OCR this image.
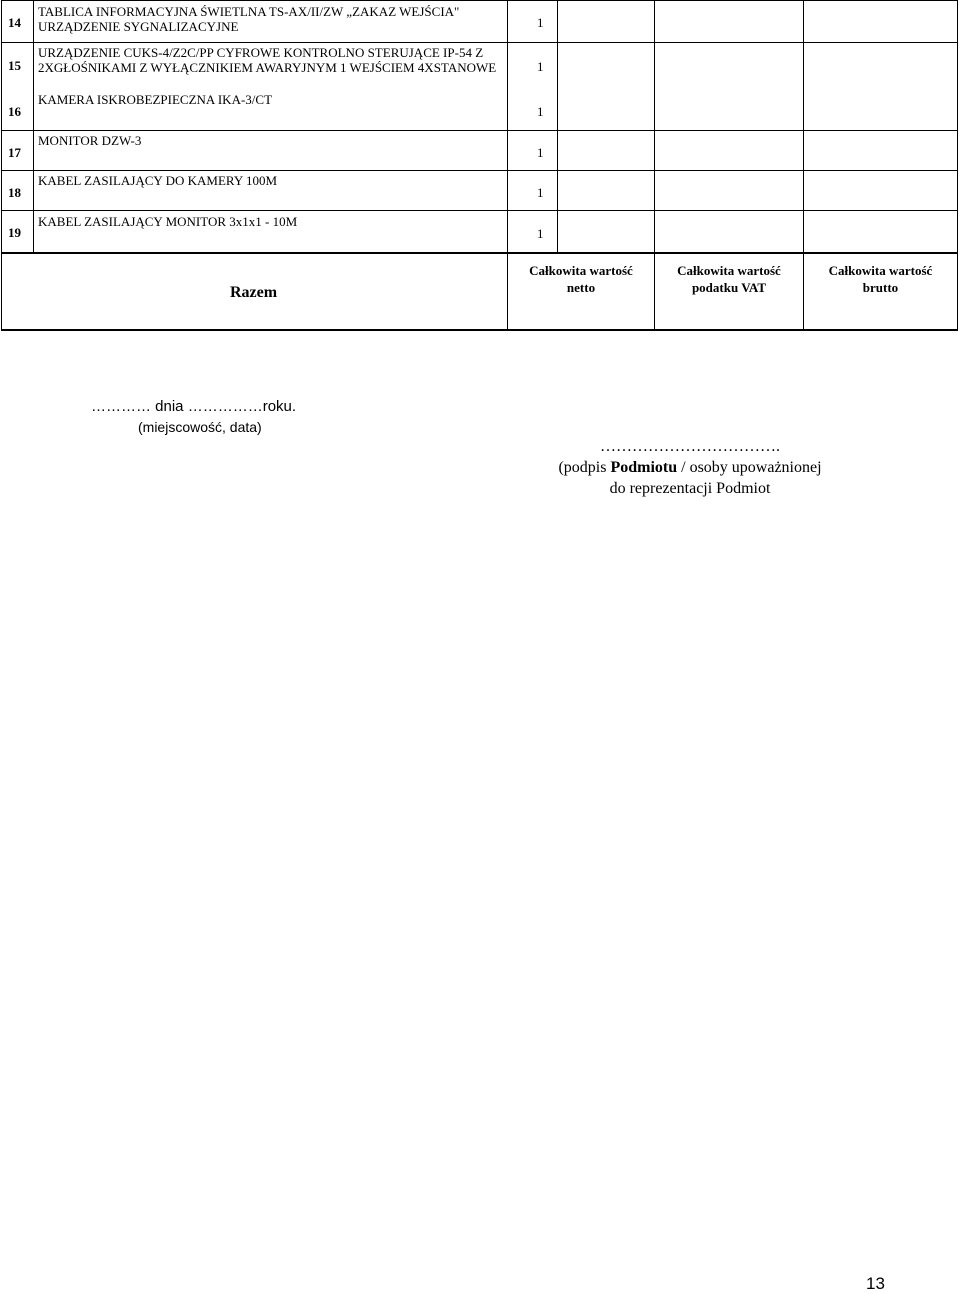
14
TABLICA INFORMACYJNA ŚWIETLNA TS-AX/II/ZW „ZAKAZ WEJŚCIA" URZĄDZENIE SYGNALIZACYJNE	1
15
URZĄDZENIE CUKS-4/Z2C/PP CYFROWE KONTROLNO STERUJĄCE IP-54 Z 2XGŁOŚNIKAMI Z WYŁĄCZNIKIEM AWARYJNYM 1 WEJŚCIEM 4XSTANOWE	1
16
KAMERA ISKROBEZPIECZNA IKA-3/CT
1
17
MONITOR DZW-3
1
18
KABEL ZASILAJĄCY DO KAMERY 100M
1
19
KABEL ZASILAJĄCY MONITOR 3x1x1 - 10M
1
Razem
Całkowita wartość
netto
Całkowita wartość
podatku VAT
Całkowita wartość
brutto
………… dnia ……………roku.
(miejscowość, data)
…………………………….
(podpis Podmiotu / osoby upoważnionej
do reprezentacji Podmiot
13
